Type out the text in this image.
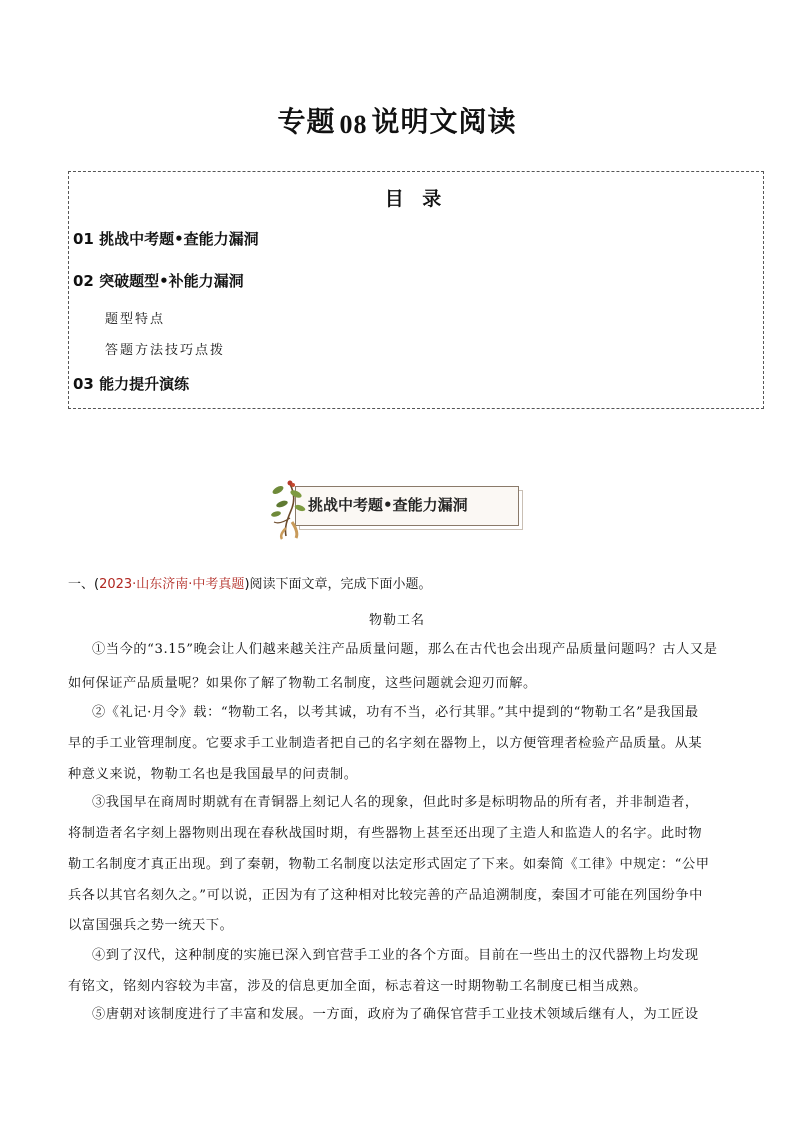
专题 08 说明文阅读
目 录
01 挑战中考题•查能力漏洞
02 突破题型•补能力漏洞
题型特点
答题方法技巧点拨
03 能力提升演练
挑战中考题•查能力漏洞
一、(2023·山东济南·中考真题)阅读下面文章，完成下面小题。
物勒工名
①当今的“3.15”晚会让人们越来越关注产品质量问题，那么在古代也会出现产品质量问题吗？古人又是
如何保证产品质量呢？如果你了解了物勒工名制度，这些问题就会迎刃而解。
②《礼记·月令》载：“物勒工名，以考其诚，功有不当，必行其罪。”其中提到的“物勒工名”是我国最
早的手工业管理制度。它要求手工业制造者把自己的名字刻在器物上，以方便管理者检验产品质量。从某
种意义来说，物勒工名也是我国最早的问责制。
③我国早在商周时期就有在青铜器上刻记人名的现象，但此时多是标明物品的所有者，并非制造者，
将制造者名字刻上器物则出现在春秋战国时期，有些器物上甚至还出现了主造人和监造人的名字。此时物
勒工名制度才真正出现。到了秦朝，物勒工名制度以法定形式固定了下来。如秦简《工律》中规定：“公甲
兵各以其官名刻久之。”可以说，正因为有了这种相对比较完善的产品追溯制度，秦国才可能在列国纷争中
以富国强兵之势一统天下。
④到了汉代，这种制度的实施已深入到官营手工业的各个方面。目前在一些出土的汉代器物上均发现
有铭文，铭刻内容较为丰富，涉及的信息更加全面，标志着这一时期物勒工名制度已相当成熟。
⑤唐朝对该制度进行了丰富和发展。一方面，政府为了确保官营手工业技术领域后继有人，为工匠设
